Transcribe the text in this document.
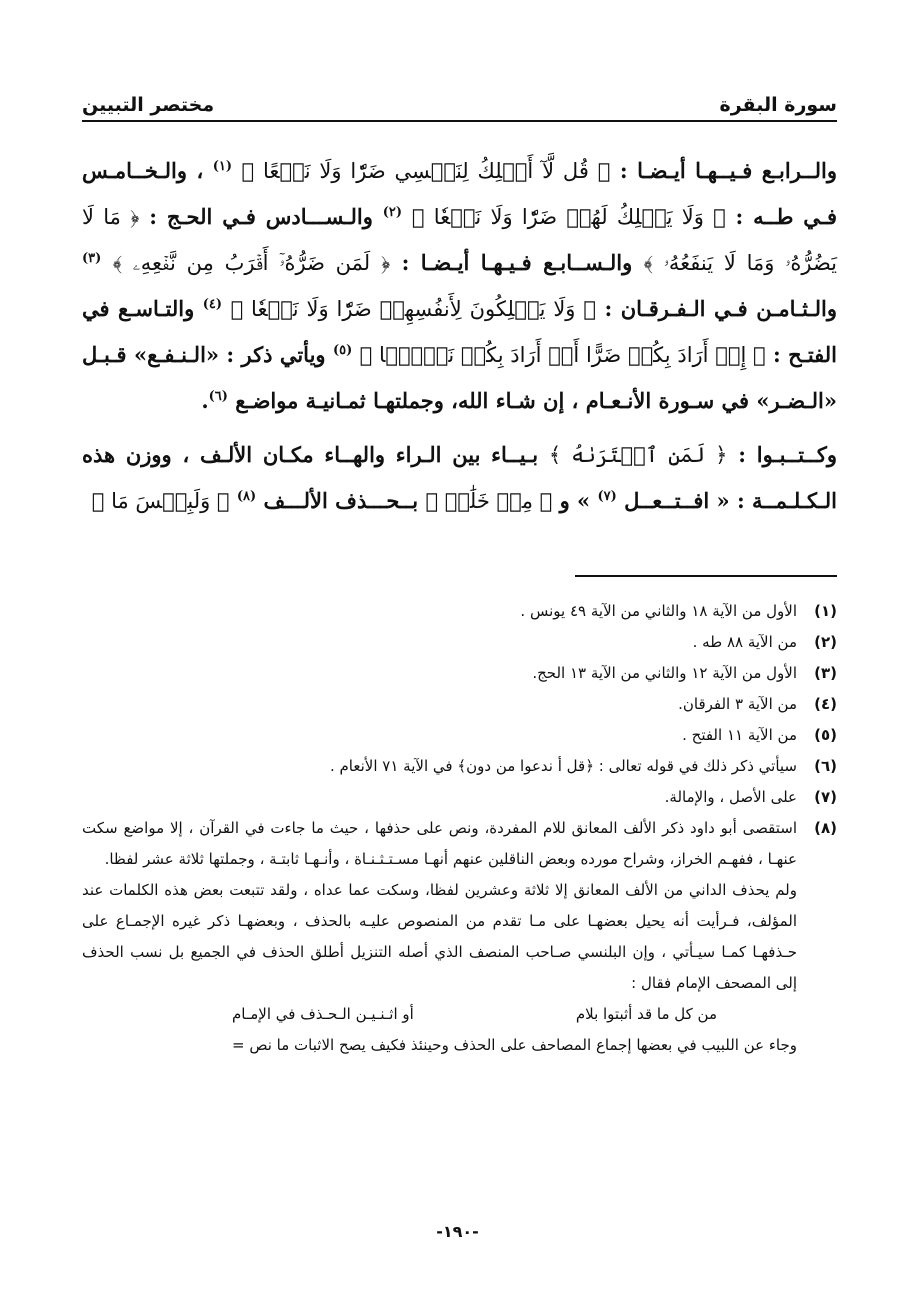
سورة البقرة
مختصر التبيين

والــرابـع فـيــهـا أيـضـا : ﴿ قُل لَّآ أَمۡلِكُ لِنَفۡسِي ضَرّٗا وَلَا نَفۡعًا ﴾ $^{(١)}$ ، والـخــامـس فـي طــه : ﴿ وَلَا يَمۡلِكُ لَهُمۡ ضَرّٗا وَلَا نَفۡعٗا ﴾ $^{(٢)}$ والـســـادس فـي الحـج : ﴿ مَا لَا يَضُرُّهُۥ وَمَا لَا يَنفَعُهُۥ ﴾ والـســابـع فـيـهـا أيـضـا : ﴿ لَمَن ضَرُّهُۥٓ أَقۡرَبُ مِن نَّفۡعِهِۦ ﴾ $^{(٣)}$ والـثـامـن فـي الـفـرقـان : ﴿ وَلَا يَمۡلِكُونَ لِأَنفُسِهِمۡ ضَرّٗا وَلَا نَفۡعٗا ﴾ $^{(٤)}$ والتـاسـع في الفتـح : ﴿ إِنۡ أَرَادَ بِكُمۡ ضَرًّا أَوۡ أَرَادَ بِكُمۡ نَفۡعَۢا ﴾ $^{(٥)}$ ويأتي ذكر : «الـنـفـع» قـبـل «الـضـر» في سـورة الأنـعـام ، إن شـاء الله، وجملتهـا ثمـانيـة مواضـع $^{(٦)}$.

وكــتــبـوا : ﴿ لَمَنِ ٱشۡتَرَىٰهُ ﴾ بـيــاء بين الـراء والهــاء مكـان الألـف ، ووزن هذه الـكـلـمــة : « افــتــعــل $^{(٧)}$ » و ﴿ مِنۡ خَلَٰقٖ ﴾ بــحـــذف الألـــف $^{(٨)}$ ﴿ وَلَبِئۡسَ مَا ﴾

(١)
الأول من الآية ١٨ والثاني من الآية ٤٩ يونس .
(٢)
من الآية ٨٨ طه .
(٣)
الأول من الآية ١٢ والثاني من الآية ١٣ الحج.
(٤)
من الآية ٣ الفرقان.
(٥)
من الآية ١١ الفتح .
(٦)
سيأتي ذكر ذلك في قوله تعالى : ﴿قل أ ندعوا من دون﴾ في الآية ٧١ الأنعام .
(٧)
على الأصل ، والإمالة.
(٨)
استقصى أبو داود ذكر الألف المعانق للام المفردة، ونص على حذفها ، حيث ما جاءت في القرآن ، إلا مواضع سكت عنهـا ، ففهـم الخراز، وشراح مورده وبعض الناقلين عنهم أنهـا مسـتـثـنـاة ، وأنـهـا ثابتـة ، وجملتها ثلاثة عشر لفظا.
ولم يحذف الداني من الألف المعانق إلا ثلاثة وعشرين لفظا، وسكت عما عداه ، ولقد تتبعت بعض هذه الكلمات عند المؤلف، فـرأيت أنه يحيل بعضهـا على مـا تقدم من المنصوص عليـه بالحذف ، وبعضهـا ذكر غيره الإجمـاع على حـذفهـا كمـا سيـأتي ، وإن البلنسي صـاحب المنصف الذي أصله التنزيل أطلق الحذف في الجميع بل نسب الحذف إلى المصحف الإمام فقال :
من كل ما قد أثبتوا بلام
أو اثـنـيـن الـحـذف في الإمـام
وجاء عن اللبيب في بعضها إجماع المصاحف على الحذف وحينئذ فكيف يصح الاثبات ما نص =
-١٩٠-
